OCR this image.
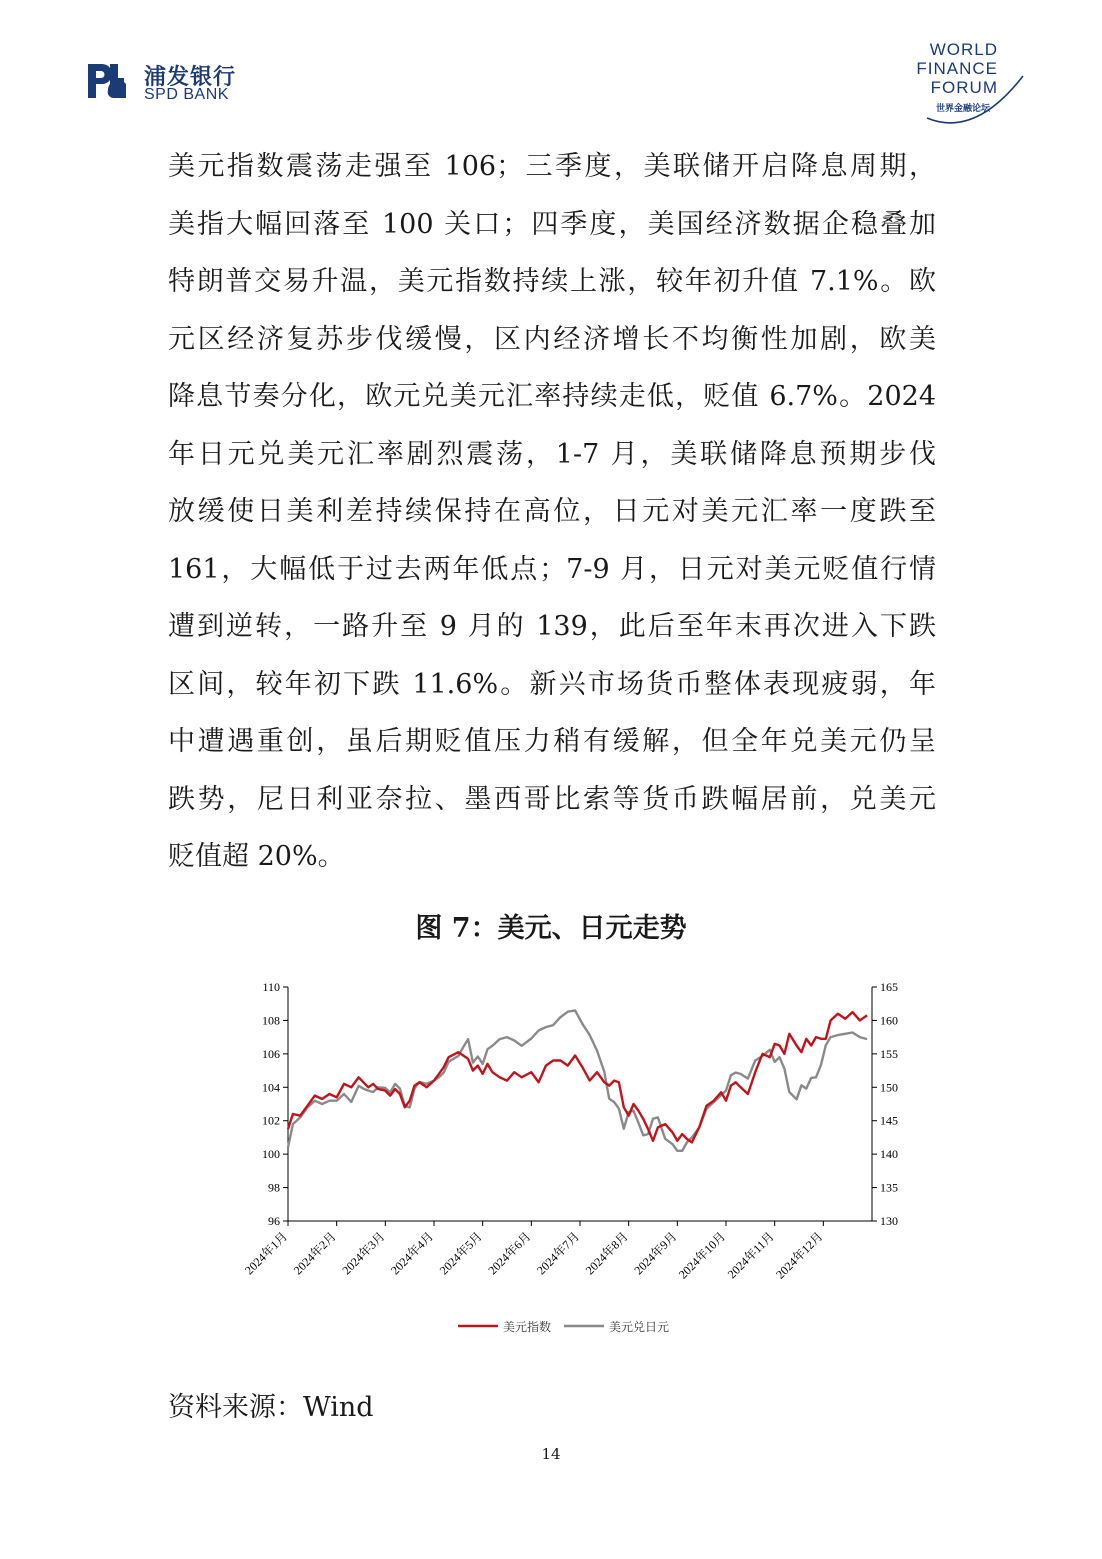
浦发银行
SPD BANK
WORLD
FINANCE
FORUM
世界金融论坛
美元指数震荡走强至 106；三季度，美联储开启降息周期，
美指大幅回落至 100 关口；四季度，美国经济数据企稳叠加
特朗普交易升温，美元指数持续上涨，较年初升值 7.1%。欧
元区经济复苏步伐缓慢，区内经济增长不均衡性加剧，欧美
降息节奏分化，欧元兑美元汇率持续走低，贬值 6.7%。2024
年日元兑美元汇率剧烈震荡，1-7 月，美联储降息预期步伐
放缓使日美利差持续保持在高位，日元对美元汇率一度跌至
161，大幅低于过去两年低点；7-9 月，日元对美元贬值行情
遭到逆转，一路升至 9 月的 139，此后至年末再次进入下跌
区间，较年初下跌 11.6%。新兴市场货币整体表现疲弱，年
中遭遇重创，虽后期贬值压力稍有缓解，但全年兑美元仍呈
跌势，尼日利亚奈拉、墨西哥比索等货币跌幅居前，兑美元
贬值超 20%。
图 7：美元、日元走势
96
98
100
102
104
106
108
110
130
135
140
145
150
155
160
165
2024年1月 2024年2月 2024年3月 2024年4月 2024年5月 2024年6月 2024年7月 2024年8月 2024年9月
2024年10月
2024年11月
2024年12月
美元指数	美元兑日元
资料来源：Wind
14
